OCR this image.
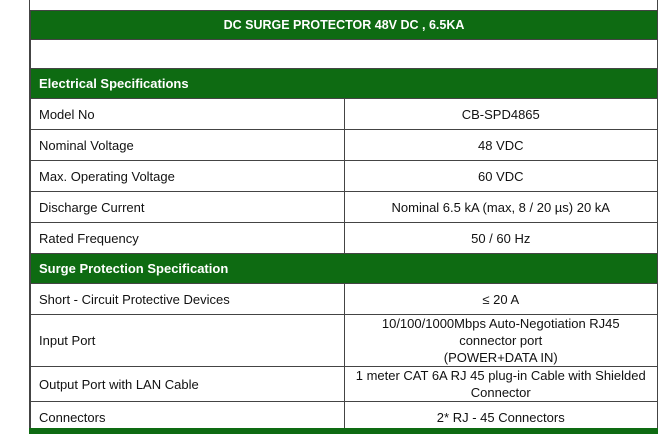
DC SURGE PROTECTOR 48V DC , 6.5KA	

Electrical Specifications	
Model No	CB-SPD4865

Nominal Voltage	48 VDC

Max. Operating Voltage	60 VDC

Discharge Current	Nominal 6.5 kA (max, 8 / 20 µs) 20 kA

Rated Frequency	50 / 60 Hz

Surge Protection Specification	
Short - Circuit Protective Devices	≤ 20 A

Input Port	10/100/1000Mbps Auto-Negotiation RJ45 connector port
(POWER+DATA IN)

Output Port with LAN Cable	1 meter CAT 6A RJ 45 plug-in Cable with Shielded Connector

Connectors	2* RJ - 45 Connectors
